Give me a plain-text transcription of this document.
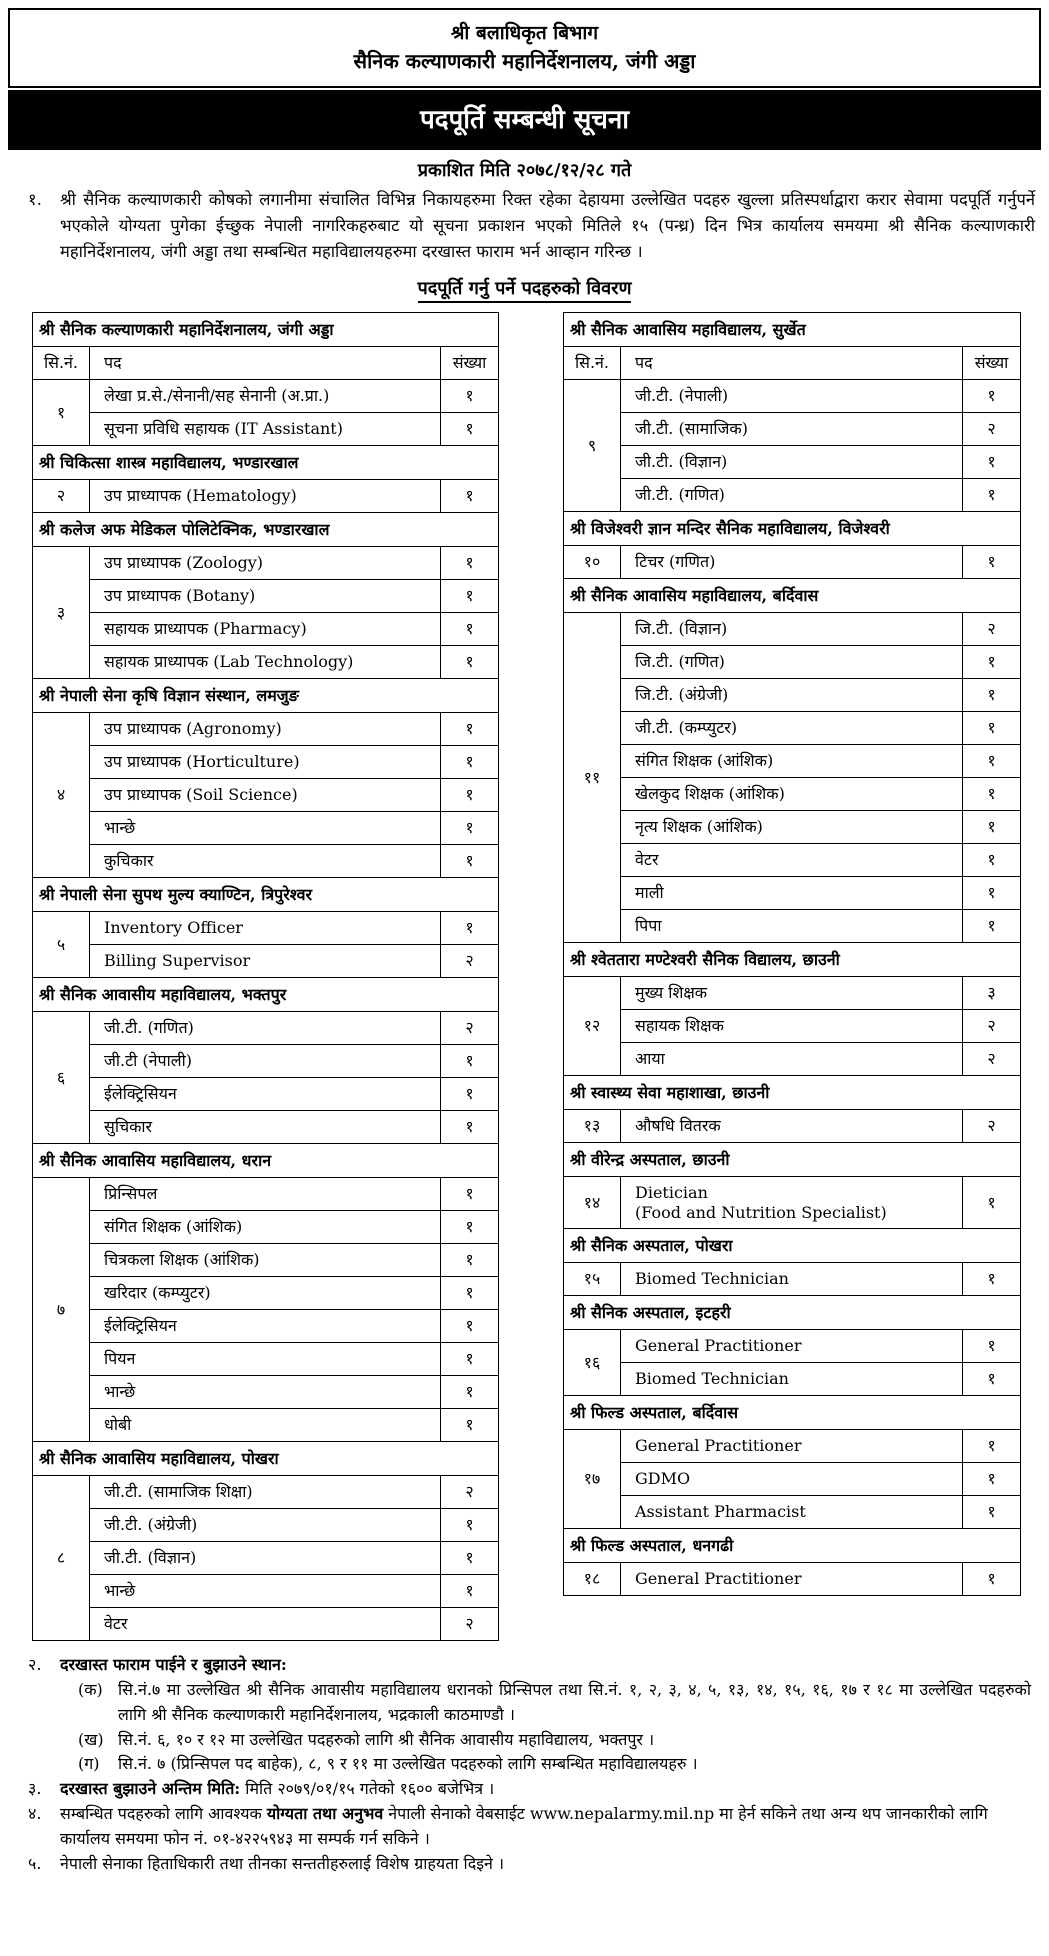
श्री बलाधिकृत बिभाग
सैनिक कल्याणकारी महानिर्देशनालय, जंगी अड्डा
पदपूर्ति सम्बन्धी सूचना
प्रकाशित मिति २०७८/१२/२८ गते
१.	श्री सैनिक कल्याणकारी कोषको लगानीमा संचालित विभिन्न निकायहरुमा रिक्त रहेका देहायमा उल्लेखित पदहरु खुल्ला प्रतिस्पर्धाद्वारा करार सेवामा पदपूर्ति गर्नुपर्ने भएकोले योग्यता पुगेका ईच्छुक नेपाली नागरिकहरुबाट यो सूचना प्रकाशन भएको मितिले १५ (पन्ध्र) दिन भित्र कार्यालय समयमा श्री सैनिक कल्याणकारी महानिर्देशनालय, जंगी अड्डा तथा सम्बन्धित महाविद्यालयहरुमा दरखास्त फाराम भर्न आव्हान गरिन्छ ।
पदपूर्ति गर्नु पर्ने पदहरुको विवरण
श्री सैनिक कल्याणकारी महानिर्देशनालय, जंगी अड्डा		
सि.नं.	पद	संख्या
१	लेखा प्र.से./सेनानी/सह सेनानी (अ.प्रा.)	१
	सूचना प्रविधि सहायक (IT Assistant)	१
श्री चिकित्सा शास्त्र महाविद्यालय, भण्डारखाल		
२	उप प्राध्यापक (Hematology)	१
श्री कलेज अफ मेडिकल पोलिटेक्निक, भण्डारखाल		
३	उप प्राध्यापक (Zoology)	१
	उप प्राध्यापक (Botany)	१
	सहायक प्राध्यापक (Pharmacy)	१
	सहायक प्राध्यापक (Lab Technology)	१
श्री नेपाली सेना कृषि विज्ञान संस्थान, लमजुङ		
४	उप प्राध्यापक (Agronomy)	१
	उप प्राध्यापक (Horticulture)	१
	उप प्राध्यापक (Soil Science)	१
	भान्छे	१
	कुचिकार	१
श्री नेपाली सेना सुपथ मुल्य क्याण्टिन, त्रिपुरेश्वर		
५	Inventory Officer	१
	Billing Supervisor	२
श्री सैनिक आवासीय महाविद्यालय, भक्तपुर		
६	जी.टी. (गणित)	२
	जी.टी (नेपाली)	१
	ईलेक्ट्रिसियन	१
	सुचिकार	१
श्री सैनिक आवासिय महाविद्यालय, धरान		
७	प्रिन्सिपल	१
	संगित शिक्षक (आंशिक)	१
	चित्रकला शिक्षक (आंशिक)	१
	खरिदार (कम्प्युटर)	१
	ईलेक्ट्रिसियन	१
	पियन	१
	भान्छे	१
	धोबी	१
श्री सैनिक आवासिय महाविद्यालय, पोखरा		
८	जी.टी. (सामाजिक शिक्षा)	२
	जी.टी. (अंग्रेजी)	१
	जी.टी. (विज्ञान)	१
	भान्छे	१
	वेटर	२
श्री सैनिक आवासिय महाविद्यालय, सुर्खेत		
सि.नं.	पद	संख्या
९	जी.टी. (नेपाली)	१
	जी.टी. (सामाजिक)	२
	जी.टी. (विज्ञान)	१
	जी.टी. (गणित)	१
श्री विजेश्वरी ज्ञान मन्दिर सैनिक महाविद्यालय, विजेश्वरी		
१०	टिचर (गणित)	१
श्री सैनिक आवासिय महाविद्यालय, बर्दिवास		
११	जि.टी. (विज्ञान)	२
	जि.टी. (गणित)	१
	जि.टी. (अंग्रेजी)	१
	जी.टी. (कम्प्युटर)	१
	संगित शिक्षक (आंशिक)	१
	खेलकुद शिक्षक (आंशिक)	१
	नृत्य शिक्षक (आंशिक)	१
	वेटर	१
	माली	१
	पिपा	१
श्री श्वेततारा मण्टेश्वरी सैनिक विद्यालय, छाउनी		
१२	मुख्य शिक्षक	३
	सहायक शिक्षक	२
	आया	२
श्री स्वास्थ्य सेवा महाशाखा, छाउनी		
१३	औषधि वितरक	२
श्री वीरेन्द्र अस्पताल, छाउनी		
१४	Dietician
(Food and Nutrition Specialist)	१
श्री सैनिक अस्पताल, पोखरा		
१५	Biomed Technician	१
श्री सैनिक अस्पताल, इटहरी		
१६	General Practitioner	१
	Biomed Technician	१
श्री फिल्ड अस्पताल, बर्दिवास		
१७	General Practitioner	१
	GDMO	१
	Assistant Pharmacist	१
श्री फिल्ड अस्पताल, धनगढी		
१८	General Practitioner	१
२.	दरखास्त फाराम पाईने र बुझाउने स्थान:
(क) सि.नं.७ मा उल्लेखित श्री सैनिक आवासीय महाविद्यालय धरानको प्रिन्सिपल तथा सि.नं. १, २, ३, ४, ५, १३, १४, १५, १६, १७ र १८ मा उल्लेखित पदहरुको लागि श्री सैनिक कल्याणकारी महानिर्देशनालय, भद्रकाली काठमाण्डौ ।
(ख) सि.नं. ६, १० र १२ मा उल्लेखित पदहरुको लागि श्री सैनिक आवासीय महाविद्यालय, भक्तपुर ।
(ग)	सि.नं. ७ (प्रिन्सिपल पद बाहेक), ८, ९ र ११ मा उल्लेखित पदहरुको लागि सम्बन्धित महाविद्यालयहरु ।
३.	दरखास्त बुझाउने अन्तिम मिति: मिति २०७९/०१/१५ गतेको १६०० बजेभित्र ।
४.	सम्बन्धित पदहरुको लागि आवश्यक योग्यता तथा अनुभव नेपाली सेनाको वेबसाईट www.nepalarmy.mil.np मा हेर्न सकिने तथा अन्य थप जानकारीको लागि कार्यालय समयमा फोन नं. ०१-४२२५९४३ मा सम्पर्क गर्न सकिने ।
५.	नेपाली सेनाका हिताधिकारी तथा तीनका सन्ततीहरुलाई विशेष ग्राहयता दिइने ।
